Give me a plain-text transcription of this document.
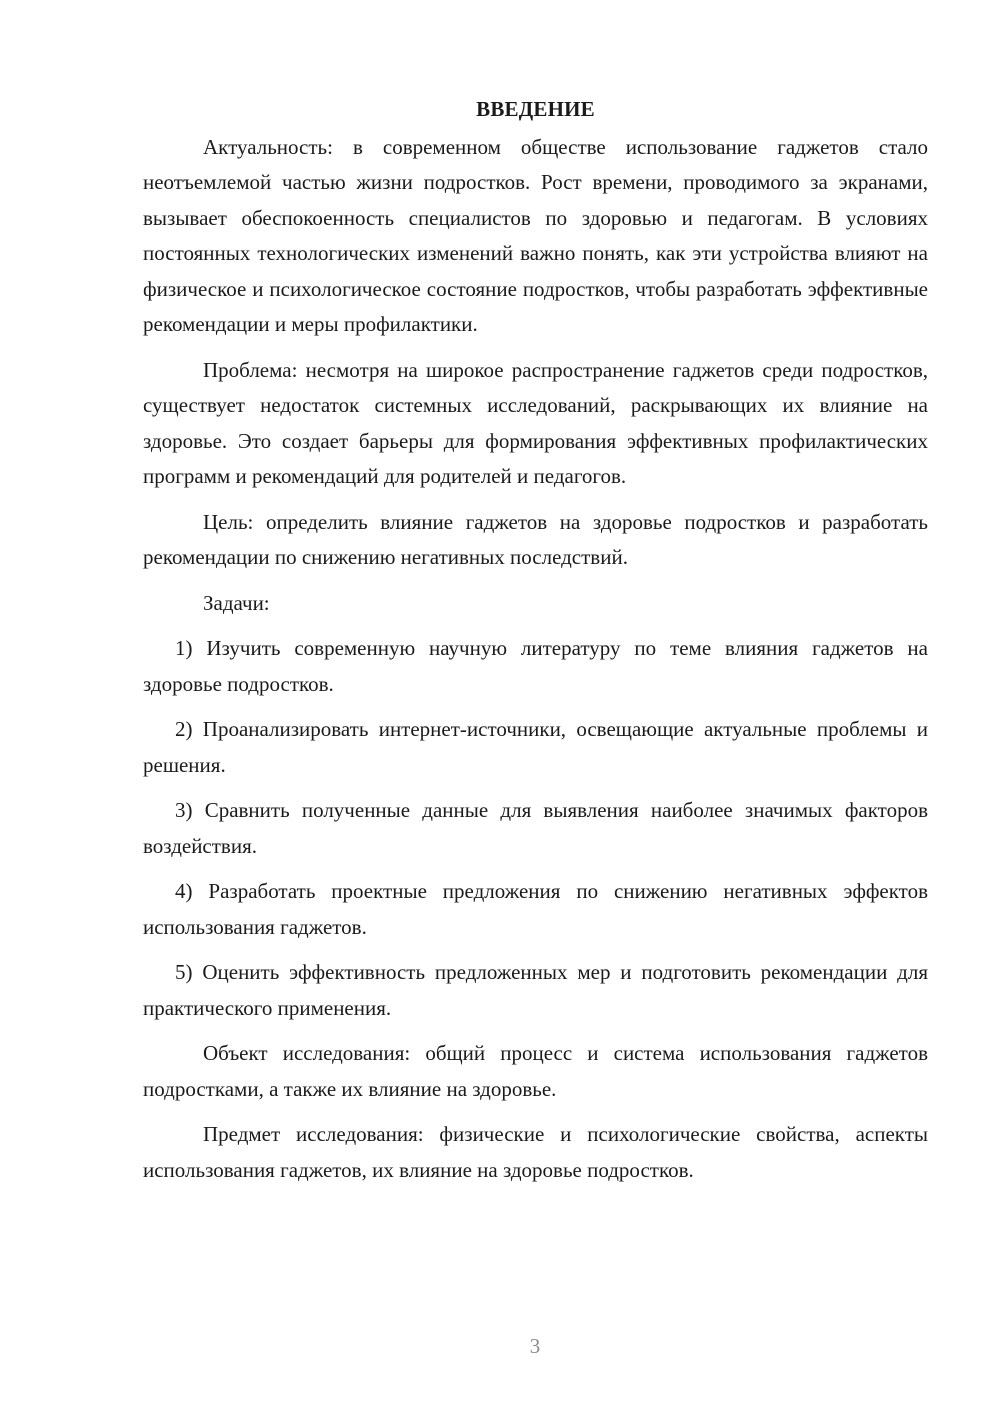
ВВЕДЕНИЕ

Актуальность: в современном обществе использование гаджетов стало неотъемлемой частью жизни подростков. Рост времени, проводимого за экранами, вызывает обеспокоенность специалистов по здоровью и педагогам. В условиях постоянных технологических изменений важно понять, как эти устройства влияют на физическое и психологическое состояние подростков, чтобы разработать эффективные рекомендации и меры профилактики.

Проблема: несмотря на широкое распространение гаджетов среди подростков, существует недостаток системных исследований, раскрывающих их влияние на здоровье. Это создает барьеры для формирования эффективных профилактических программ и рекомендаций для родителей и педагогов.

Цель: определить влияние гаджетов на здоровье подростков и разработать рекомендации по снижению негативных последствий.

Задачи:

1) Изучить современную научную литературу по теме влияния гаджетов на здоровье подростков.

2) Проанализировать интернет-источники, освещающие актуальные проблемы и решения.

3) Сравнить полученные данные для выявления наиболее значимых факторов воздействия.

4) Разработать проектные предложения по снижению негативных эффектов использования гаджетов.

5) Оценить эффективность предложенных мер и подготовить рекомендации для практического применения.

Объект исследования: общий процесс и система использования гаджетов подростками, а также их влияние на здоровье.

Предмет исследования: физические и психологические свойства, аспекты использования гаджетов, их влияние на здоровье подростков.

3
